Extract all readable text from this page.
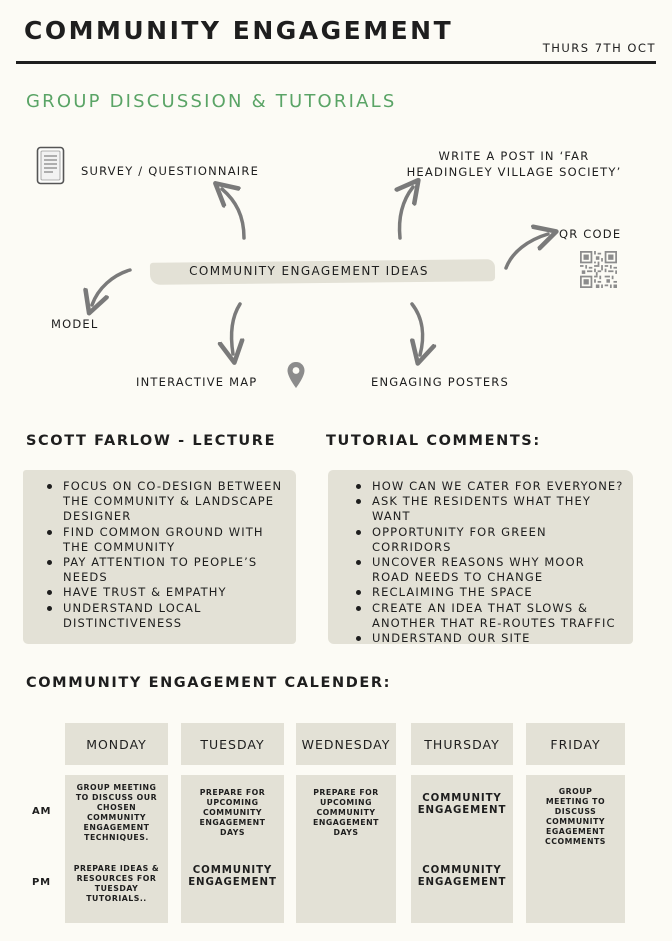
COMMUNITY ENGAGEMENT
THURS 7TH OCT
GROUP DISCUSSION & TUTORIALS
SURVEY / QUESTIONNAIRE
WRITE A POST IN ‘FAR
HEADINGLEY VILLAGE SOCIETY’
QR CODE
COMMUNITY ENGAGEMENT IDEAS
MODEL
INTERACTIVE MAP	ENGAGING POSTERS
SCOTT FARLOW - LECTURE	TUTORIAL COMMENTS:
FOCUS ON CO-DESIGN BETWEEN THE COMMUNITY & LANDSCAPE DESIGNER
FIND COMMON GROUND WITH THE COMMUNITY
PAY ATTENTION TO PEOPLE’S NEEDS
HAVE TRUST & EMPATHY
UNDERSTAND LOCAL DISTINCTIVENESS
HOW CAN WE CATER FOR EVERYONE?
ASK THE RESIDENTS WHAT THEY WANT
OPPORTUNITY FOR GREEN CORRIDORS
UNCOVER REASONS WHY MOOR ROAD NEEDS TO CHANGE
RECLAIMING THE SPACE
CREATE AN IDEA THAT SLOWS & ANOTHER THAT RE-ROUTES TRAFFIC
UNDERSTAND OUR SITE
COMMUNITY ENGAGEMENT CALENDER:
AM
PM
MONDAY
GROUP MEETING TO DISCUSS OUR CHOSEN COMMUNITY ENGAGEMENT TECHNIQUES.
PREPARE IDEAS & RESOURCES FOR TUESDAY TUTORIALS..
TUESDAY
PREPARE FOR UPCOMING COMMUNITY ENGAGEMENT DAYS
COMMUNITY ENGAGEMENT
WEDNESDAY
PREPARE FOR UPCOMING COMMUNITY ENGAGEMENT DAYS
THURSDAY
COMMUNITY ENGAGEMENT
COMMUNITY ENGAGEMENT
FRIDAY
GROUP MEETING TO DISCUSS COMMUNITY EGAGEMENT CCOMMENTS
